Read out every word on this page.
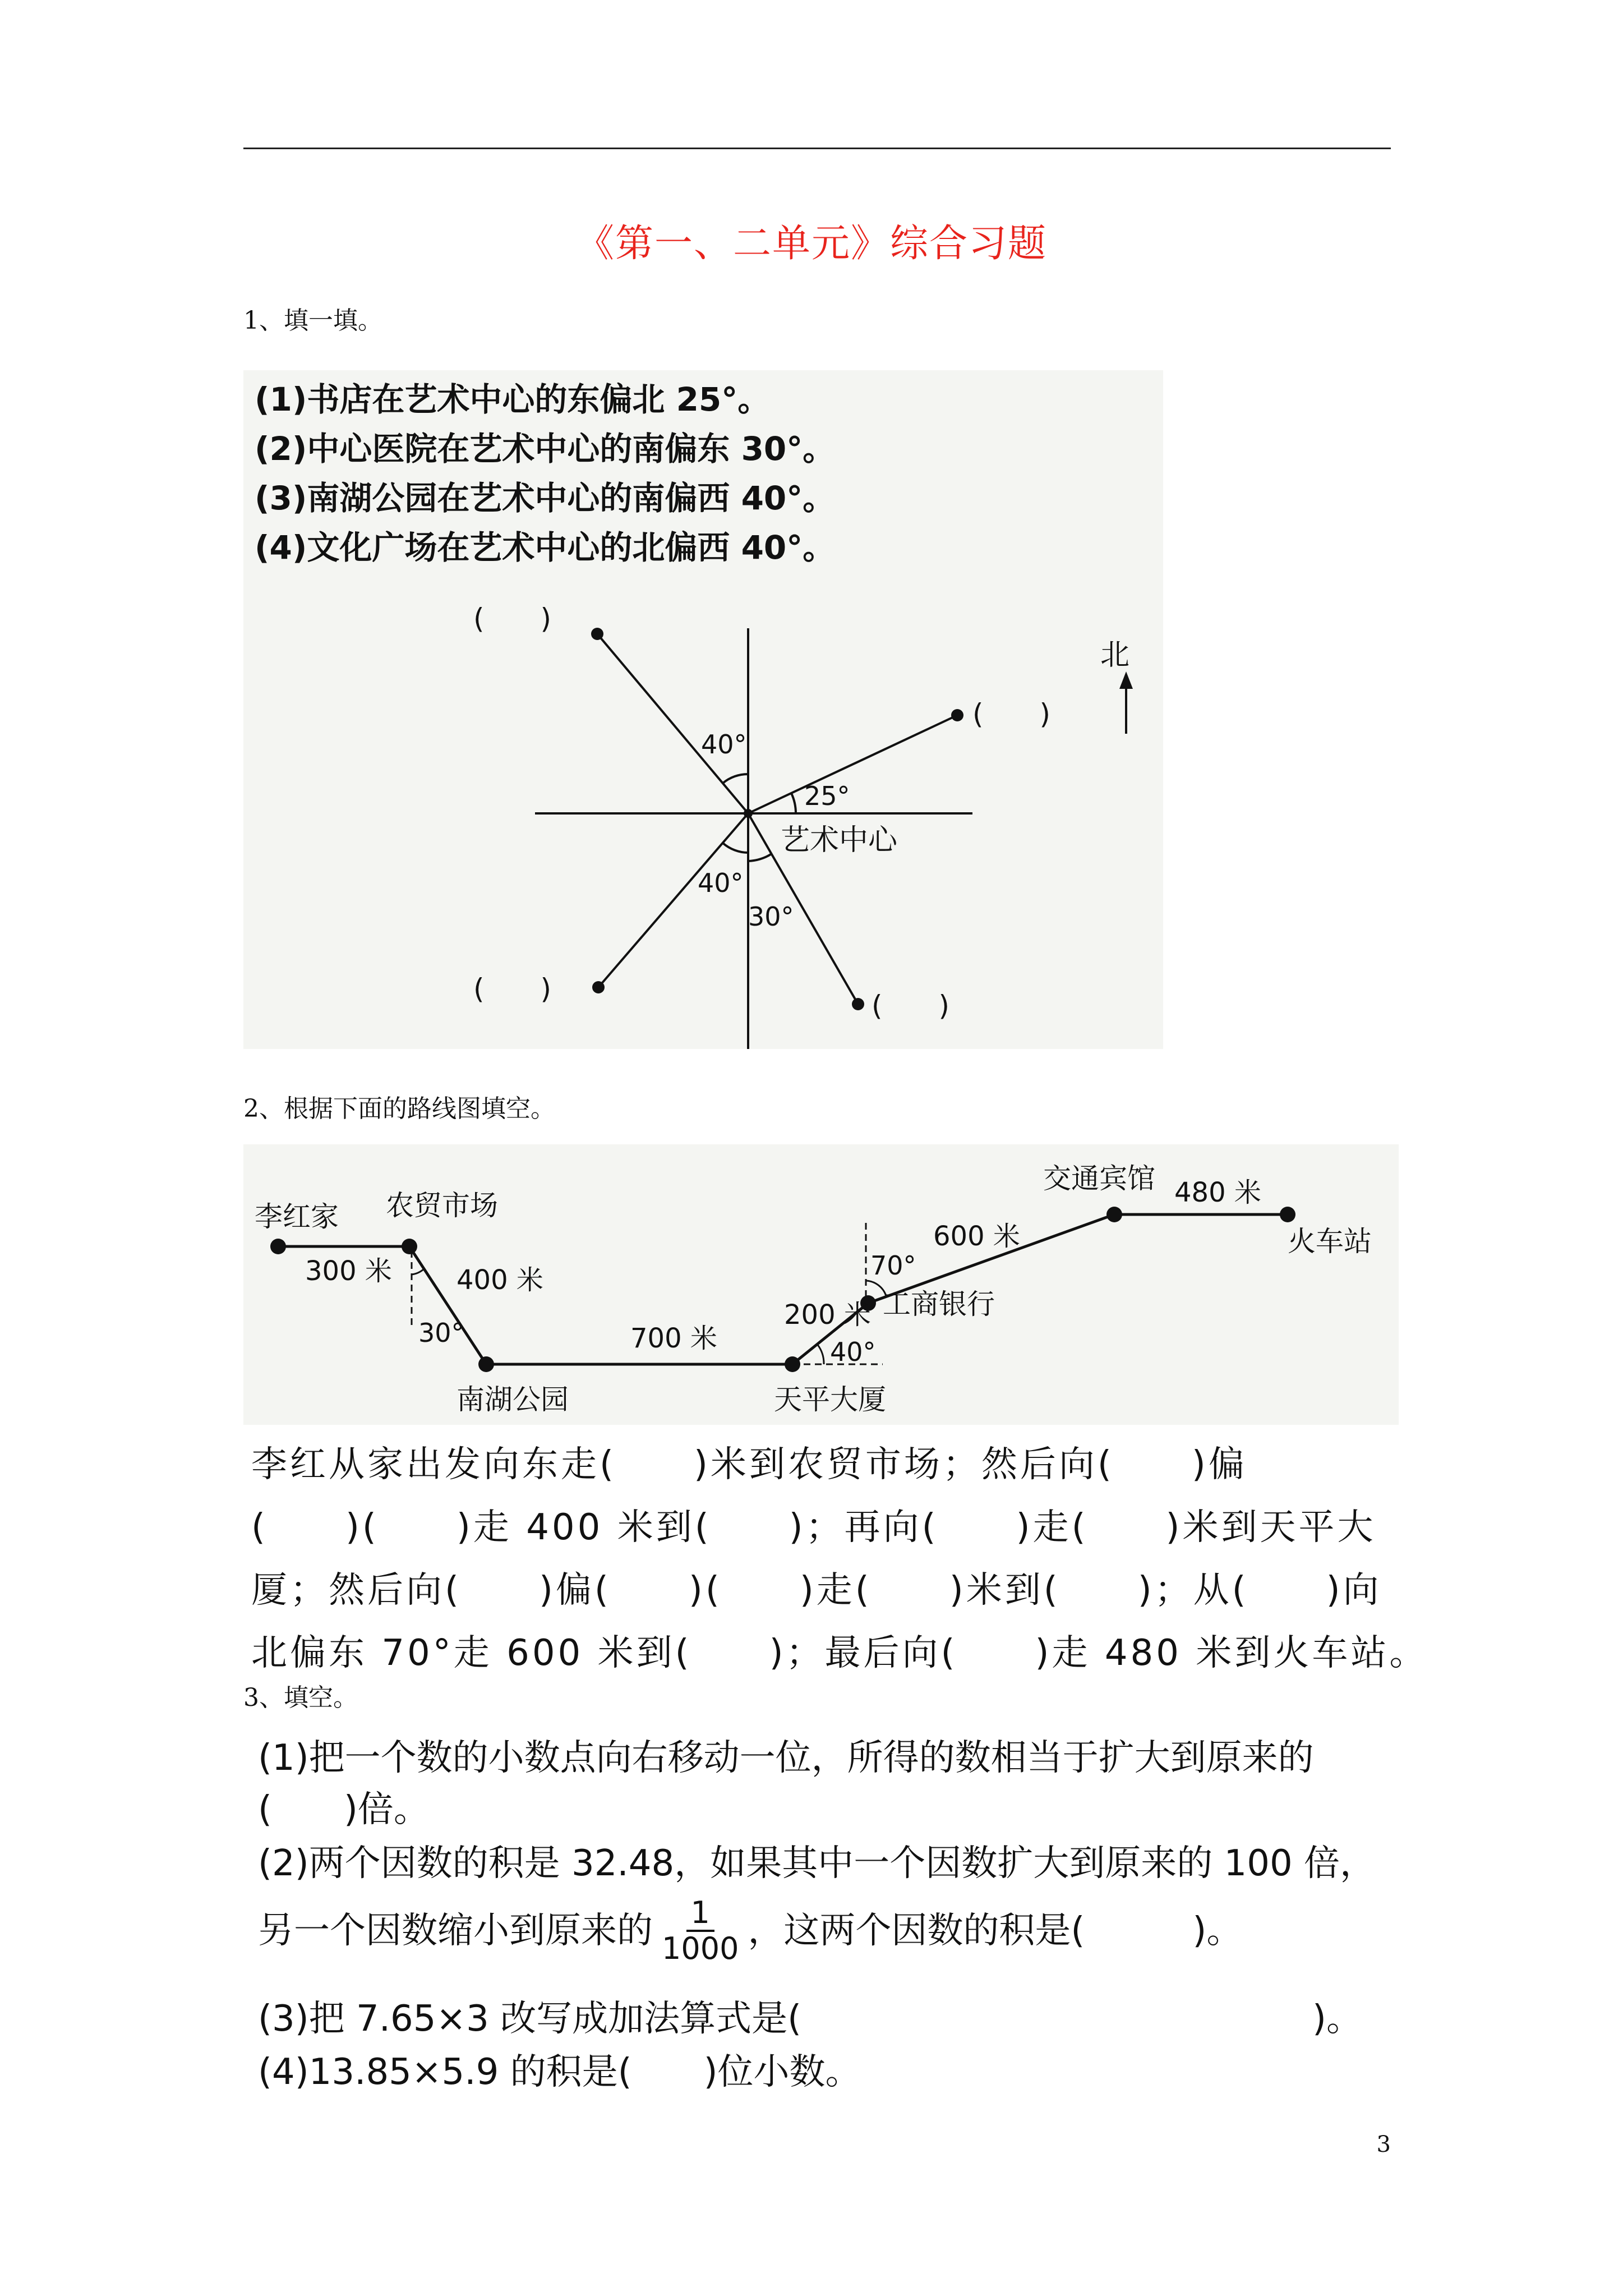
《第一、二单元》综合习题
1、填一填。
(1)书店在艺术中心的东偏北 25°。
(2)中心医院在艺术中心的南偏东 30°。
(3)南湖公园在艺术中心的南偏西 40°。
(4)文化广场在艺术中心的北偏西 40°。
40°
25°
40°
30°
艺术中心
(　　)
(　　)
(　　)
(　　)
北
2、根据下面的路线图填空。
李红家 农贸市场
南湖公园	天平大厦
工商银行
交通宾馆
火车站
300 米 400 米
700 米
200 米
600 米
480 米
30°
40°
70°
李红从家出发向东走(　　)米到农贸市场；然后向(　　)偏
(　　)(　　)走 400 米到(　　)；再向(　　)走(　　)米到天平大
厦；然后向(　　)偏(　　)(　　)走(　　)米到(　　)；从(　　)向
北偏东 70°走 600 米到(　　)；最后向(　　)走 480 米到火车站。
3、填空。
(1)把一个数的小数点向右移动一位，所得的数相当于扩大到原来的
(　　)倍。
(2)两个因数的积是 32.48，如果其中一个因数扩大到原来的 100 倍，
另一个因数缩小到原来的 $\frac{1}{1000}$ ，这两个因数的积是(　　　)。
(3)把 7.65×3 改写成加法算式是(	)。
(4)13.85×5.9 的积是(　　)位小数。
3
